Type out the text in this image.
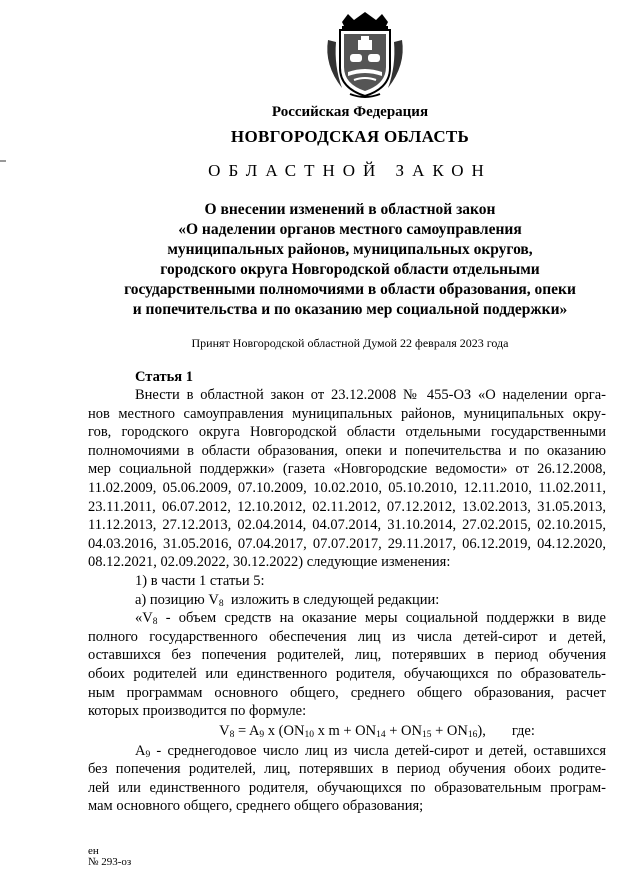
Российская Федерация
НОВГОРОДСКАЯ ОБЛАСТЬ
ОБЛАСТНОЙ ЗАКОН
О внесении изменений в областной закон
«О наделении органов местного самоуправления
муниципальных районов, муниципальных округов,
городского округа Новгородской области отдельными
государственными полномочиями в области образования, опеки
и попечительства и по оказанию мер социальной поддержки»
Принят Новгородской областной Думой 22 февраля 2023 года
Статья 1
Внести в областной закон от 23.12.2008 № 455-ОЗ «О наделении орга-
нов местного самоуправления муниципальных районов, муниципальных окру-
гов, городского округа Новгородской области отдельными государственными
полномочиями в области образования, опеки и попечительства и по оказанию
мер социальной поддержки» (газета «Новгородские ведомости» от 26.12.2008,
11.02.2009, 05.06.2009, 07.10.2009, 10.02.2010, 05.10.2010, 12.11.2010, 11.02.2011,
23.11.2011, 06.07.2012, 12.10.2012, 02.11.2012, 07.12.2012, 13.02.2013, 31.05.2013,
11.12.2013, 27.12.2013, 02.04.2014, 04.07.2014, 31.10.2014, 27.02.2015, 02.10.2015,
04.03.2016, 31.05.2016, 07.04.2017, 07.07.2017, 29.11.2017, 06.12.2019, 04.12.2020,
08.12.2021, 02.09.2022, 30.12.2022) следующие изменения:
1) в части 1 статьи 5:
а) позицию $V_8$  изложить в следующей редакции:
«$V_8$ - объем средств на оказание меры социальной поддержки в виде
полного государственного обеспечения лиц из числа детей-сирот и детей,
оставшихся без попечения родителей, лиц, потерявших в период обучения
обоих родителей или единственного родителя, обучающихся по образователь-
ным программам основного общего, среднего общего образования, расчет
которых производится по формуле:
$V_8 = A_9$ x ($ON_{10}$ x $m + ON_{14} + ON_{15} + ON_{16}$), где:
$A_9$ - среднегодовое число лиц из числа детей-сирот и детей, оставшихся
без попечения родителей, лиц, потерявших в период обучения обоих родите-
лей или единственного родителя, обучающихся по образовательным програм-
мам основного общего, среднего общего образования;
ен
№ 293-оз
